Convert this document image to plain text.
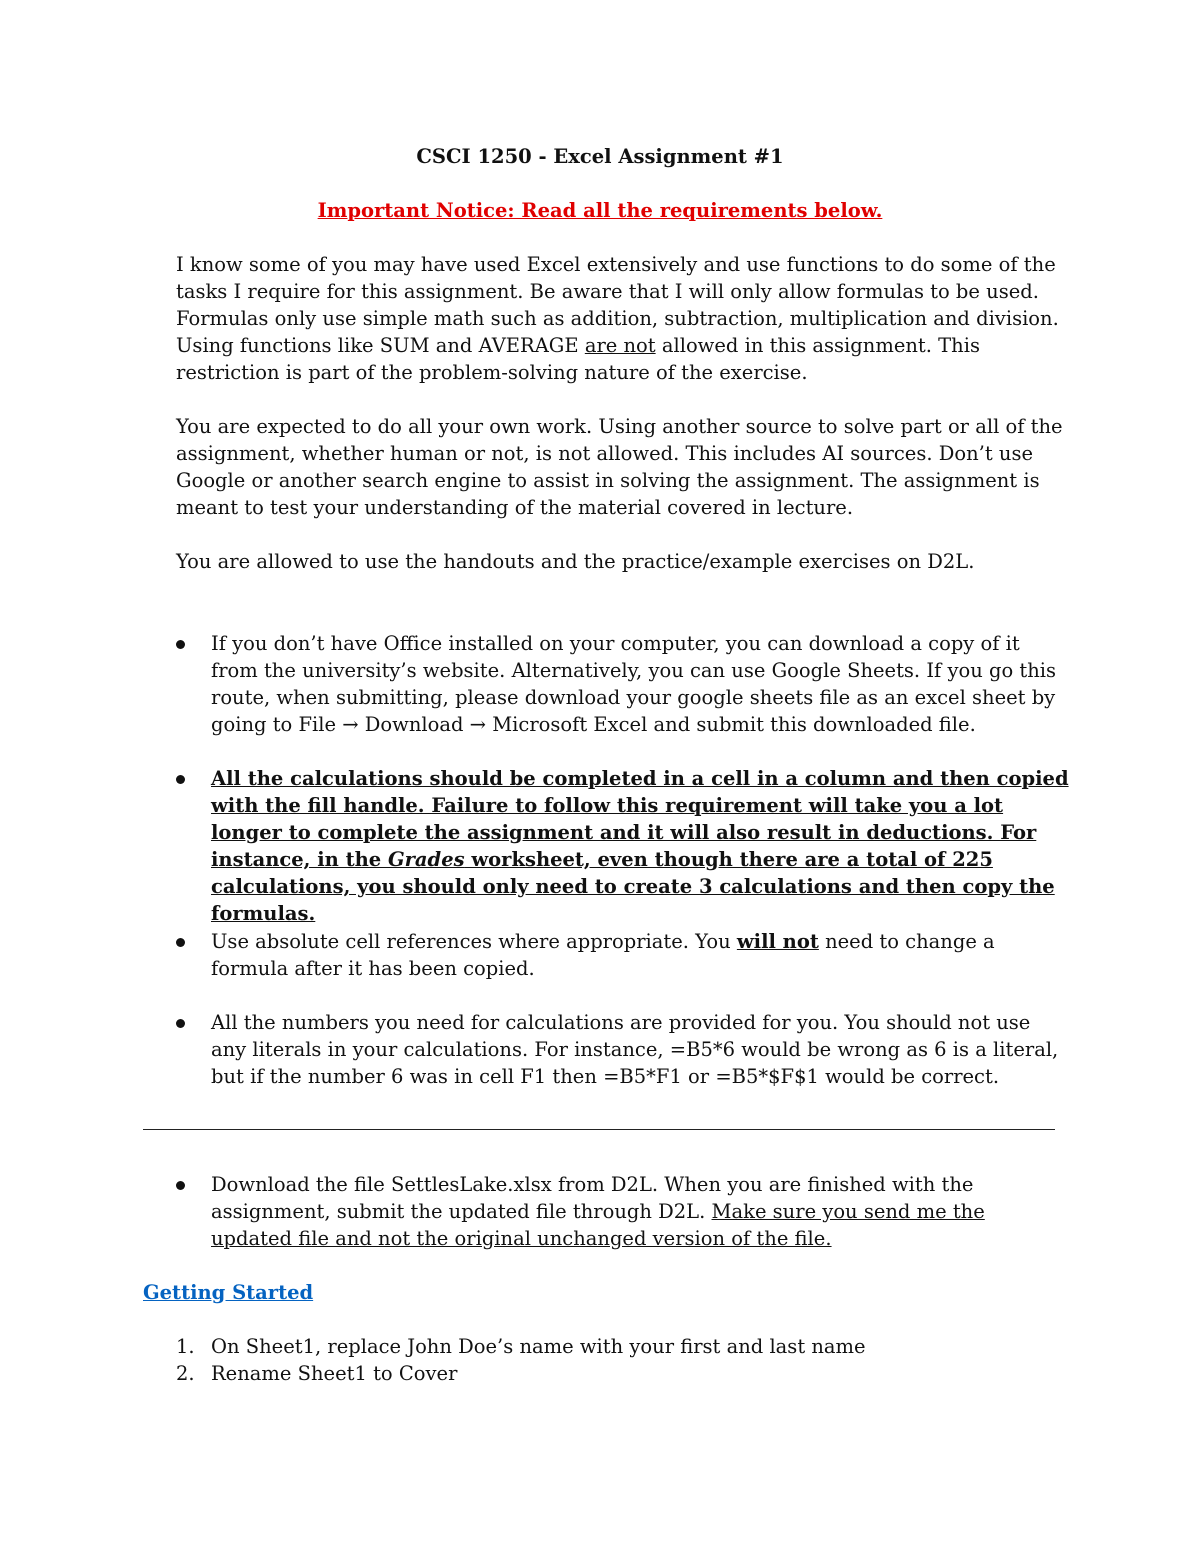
CSCI 1250 - Excel Assignment #1
Important Notice: Read all the requirements below.

I know some of you may have used Excel extensively and use functions to do some of the tasks I require for this assignment. Be aware that I will only allow formulas to be used. Formulas only use simple math such as addition, subtraction, multiplication and division. Using functions like SUM and AVERAGE are not allowed in this assignment. This restriction is part of the problem-solving nature of the exercise.

You are expected to do all your own work. Using another source to solve part or all of the assignment, whether human or not, is not allowed. This includes AI sources. Don’t use Google or another search engine to assist in solving the assignment. The assignment is meant to test your understanding of the material covered in lecture.

You are allowed to use the handouts and the practice/example exercises on D2L.

If you don’t have Office installed on your computer, you can download a copy of it from the university’s website. Alternatively, you can use Google Sheets. If you go this route, when submitting, please download your google sheets file as an excel sheet by going to File → Download → Microsoft Excel and submit this downloaded file.
All the calculations should be completed in a cell in a column and then copied with the fill handle. Failure to follow this requirement will take you a lot longer to complete the assignment and it will also result in deductions. For instance, in the Grades worksheet, even though there are a total of 225 calculations, you should only need to create 3 calculations and then copy the formulas.
Use absolute cell references where appropriate. You will not need to change a formula after it has been copied.
All the numbers you need for calculations are provided for you. You should not use any literals in your calculations. For instance, =B5*6 would be wrong as 6 is a literal, but if the number 6 was in cell F1 then =B5*F1 or =B5*$F$1 would be correct.
Download the file SettlesLake.xlsx from D2L. When you are finished with the assignment, submit the updated file through D2L. Make sure you send me the updated file and not the original unchanged version of the file.
Getting Started
1. On Sheet1, replace John Doe’s name with your first and last name
2. Rename Sheet1 to Cover
